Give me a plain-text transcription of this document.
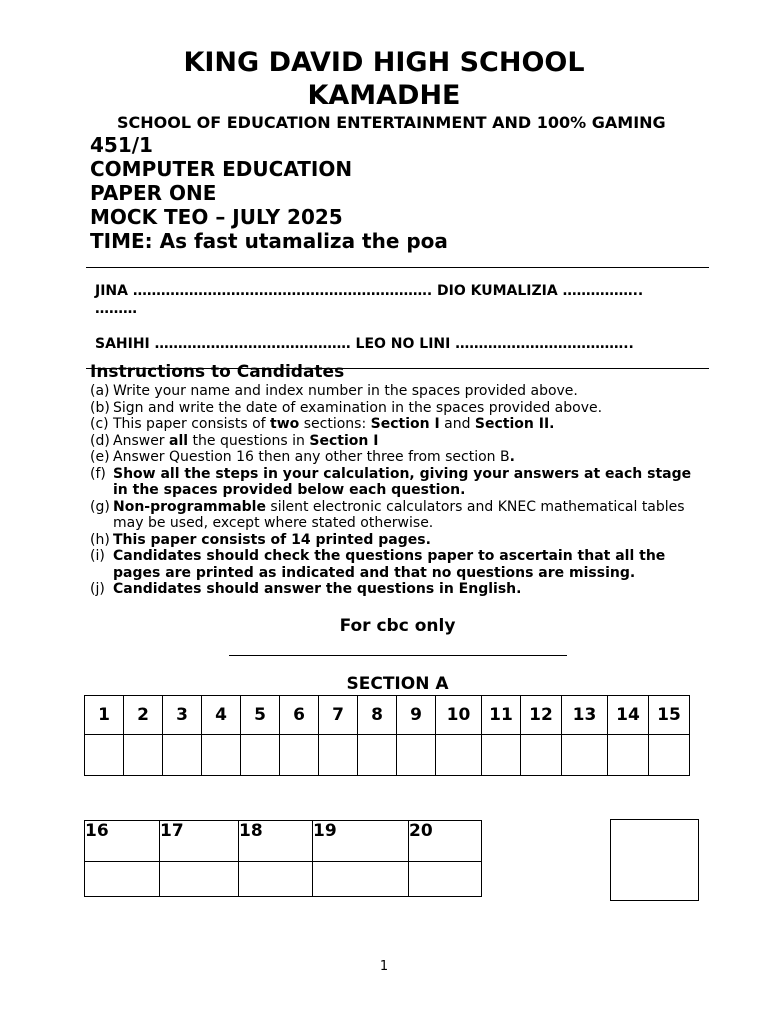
KING DAVID HIGH SCHOOL
KAMADHE
SCHOOL OF EDUCATION ENTERTAINMENT AND 100% GAMING
451/1
COMPUTER EDUCATION
PAPER ONE
MOCK TEO – JULY 2025
TIME: As fast utamaliza the poa
JINA ………………………………………………………. DIO KUMALIZIA ……………..
………
SAHIHI …………………………………… LEO NO LINI ………………………………..
Instructions to Candidates
(a) Write your name and index number in the spaces provided above.
(b) Sign and write the date of examination in the spaces provided above.
(c) This paper consists of two sections: Section I and Section II.
(d) Answer all the questions in Section I
(e) Answer Question 16 then any other three from section B.
(f) Show all the steps in your calculation, giving your answers at each stage in the spaces provided below each question.
(g) Non-programmable silent electronic calculators and KNEC mathematical tables may be used, except where stated otherwise.
(h) This paper consists of 14 printed pages.
(i) Candidates should check the questions paper to ascertain that all the pages are printed as indicated and that no questions are missing.
(j) Candidates should answer the questions in English.
For cbc only
SECTION A
1	2	3	4	5	6	7	8	9	10	11	12	13	14	15

16	17	18	19	20

1
